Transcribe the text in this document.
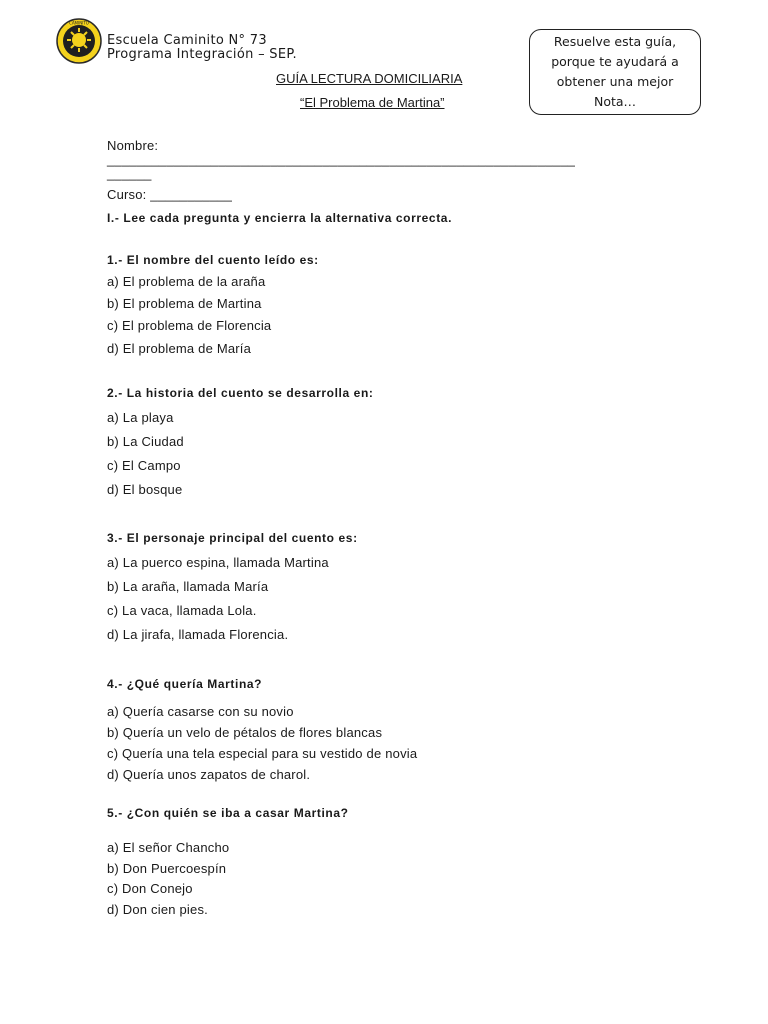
CAMINITO
Escuela Caminito N° 73
Programa Integración – SEP.
GUÍA LECTURA DOMICILIARIA
“El Problema de Martina”
Resuelve esta guía,
porque te ayudará a
obtener una mejor
Nota…
Nombre:
_______________________________________________________________
______
Curso: ___________
I.- Lee cada pregunta y encierra la alternativa correcta.
1.- El nombre del cuento leído es:
a) El problema de la araña
b) El problema de Martina
c) El problema de Florencia
d) El problema de María
2.- La historia del cuento se desarrolla en:
a) La playa
b) La Ciudad
c) El Campo
d) El bosque
3.- El personaje principal del cuento es:
a) La puerco espina, llamada Martina
b) La araña, llamada María
c) La vaca, llamada Lola.
d) La jirafa, llamada Florencia.
4.- ¿Qué quería Martina?
a) Quería casarse con su novio
b) Quería un velo de pétalos de flores blancas
c) Quería una tela especial para su vestido de novia
d) Quería unos zapatos de charol.
5.- ¿Con quién se iba a casar Martina?
a) El señor Chancho
b) Don Puercoespín
c) Don Conejo
d) Don cien pies.
